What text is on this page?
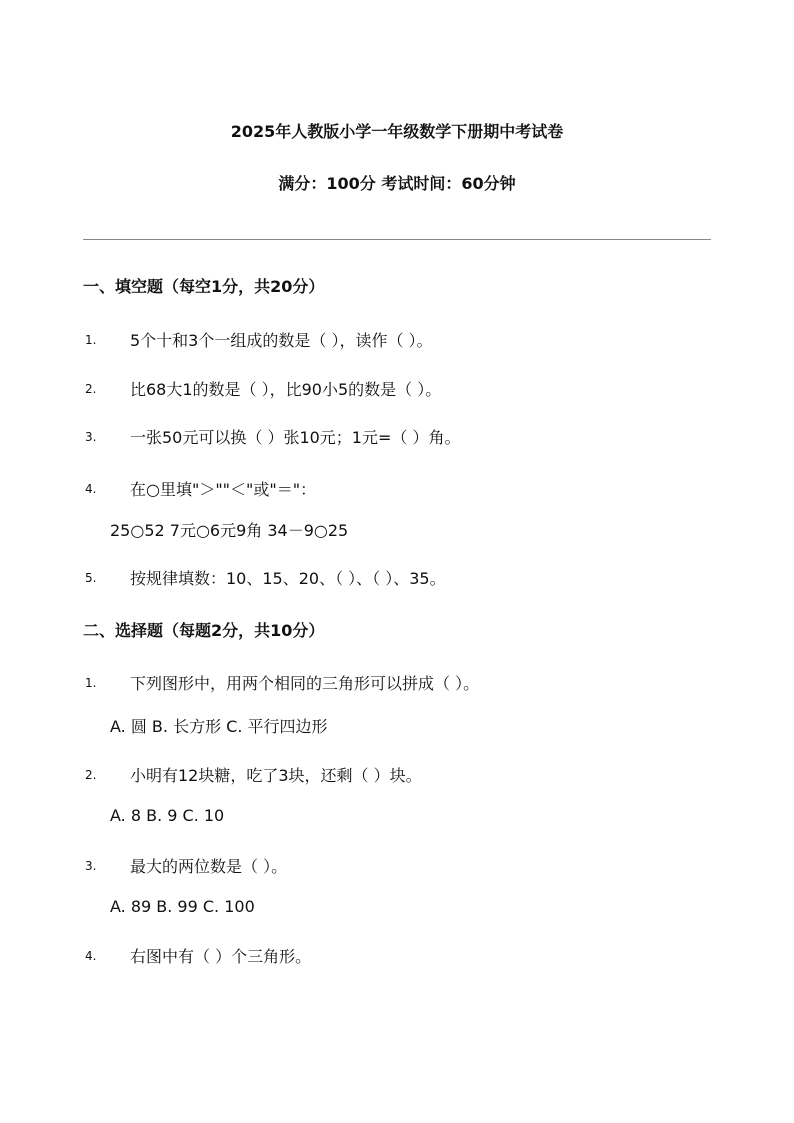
2025年人教版小学一年级数学下册期中考试卷
满分：100分 考试时间：60分钟
一、填空题（每空1分，共20分）
1. 5个十和3个一组成的数是（ ），读作（ ）。
2. 比68大1的数是（ ），比90小5的数是（ ）。
3. 一张50元可以换（ ）张10元；1元=（ ）角。
4. 在○里填"＞""＜"或"＝"：
25○52 7元○6元9角 34－9○25
5. 按规律填数：10、15、20、（ ）、（ ）、35。
二、选择题（每题2分，共10分）
1. 下列图形中，用两个相同的三角形可以拼成（ ）。
A. 圆 B. 长方形 C. 平行四边形
2. 小明有12块糖，吃了3块，还剩（ ）块。
A. 8 B. 9 C. 10
3. 最大的两位数是（ ）。
A. 89 B. 99 C. 100
4. 右图中有（ ）个三角形。
